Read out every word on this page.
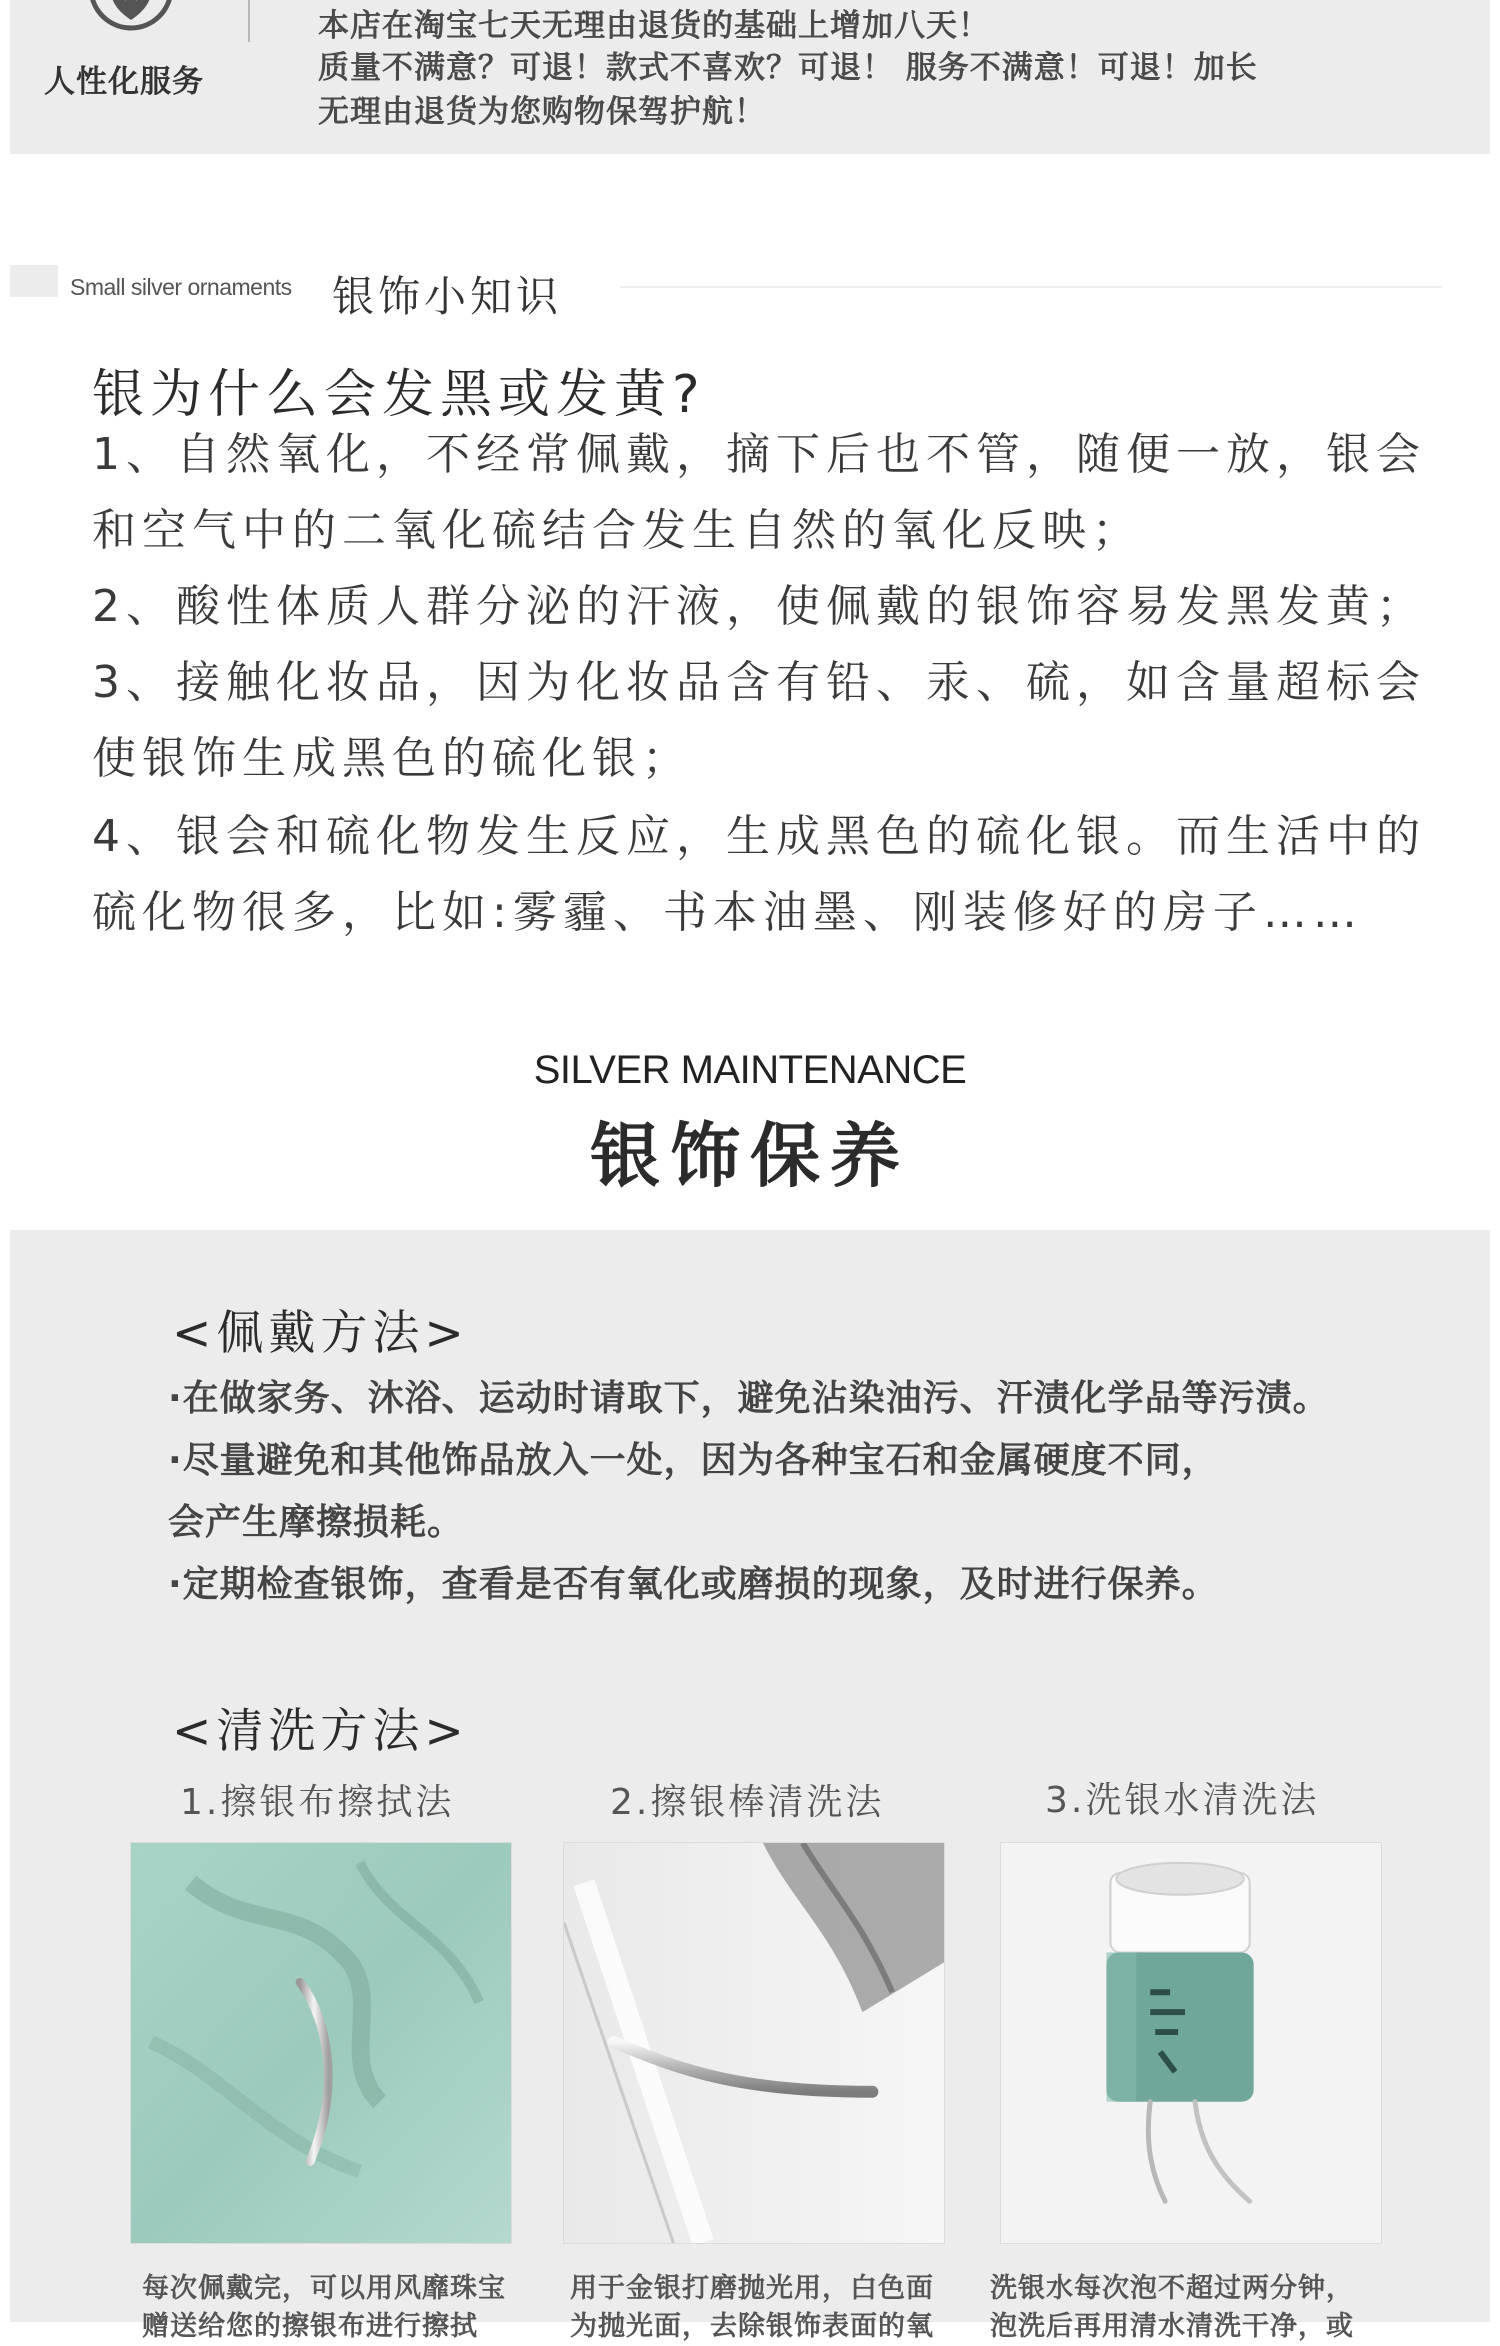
人性化服务
本店在淘宝七天无理由退货的基础上增加八天！
质量不满意？可退！款式不喜欢？可退！ 服务不满意！可退！加长
无理由退货为您购物保驾护航！
Small silver ornaments 银饰小知识
银为什么会发黑或发黄?
1、自然氧化，不经常佩戴，摘下后也不管，随便一放，银会
和空气中的二氧化硫结合发生自然的氧化反映；
2、酸性体质人群分泌的汗液，使佩戴的银饰容易发黑发黄；
3、接触化妆品，因为化妆品含有铅、汞、硫，如含量超标会
使银饰生成黑色的硫化银；
4、银会和硫化物发生反应，生成黑色的硫化银。而生活中的
硫化物很多，比如:雾霾、书本油墨、刚装修好的房子……
SILVER MAINTENANCE
银饰保养
<佩戴方法>
·在做家务、沐浴、运动时请取下，避免沾染油污、汗渍化学品等污渍。
·尽量避免和其他饰品放入一处，因为各种宝石和金属硬度不同，
会产生摩擦损耗。
·定期检查银饰，查看是否有氧化或磨损的现象，及时进行保养。
<清洗方法>
1.擦银布擦拭法	2.擦银棒清洗法	3.洗银水清洗法
每次佩戴完，可以用风靡珠宝
赠送给您的擦银布进行擦拭
用于金银打磨抛光用，白色面
为抛光面，去除银饰表面的氧
洗银水每次泡不超过两分钟，
泡洗后再用清水清洗干净，或
